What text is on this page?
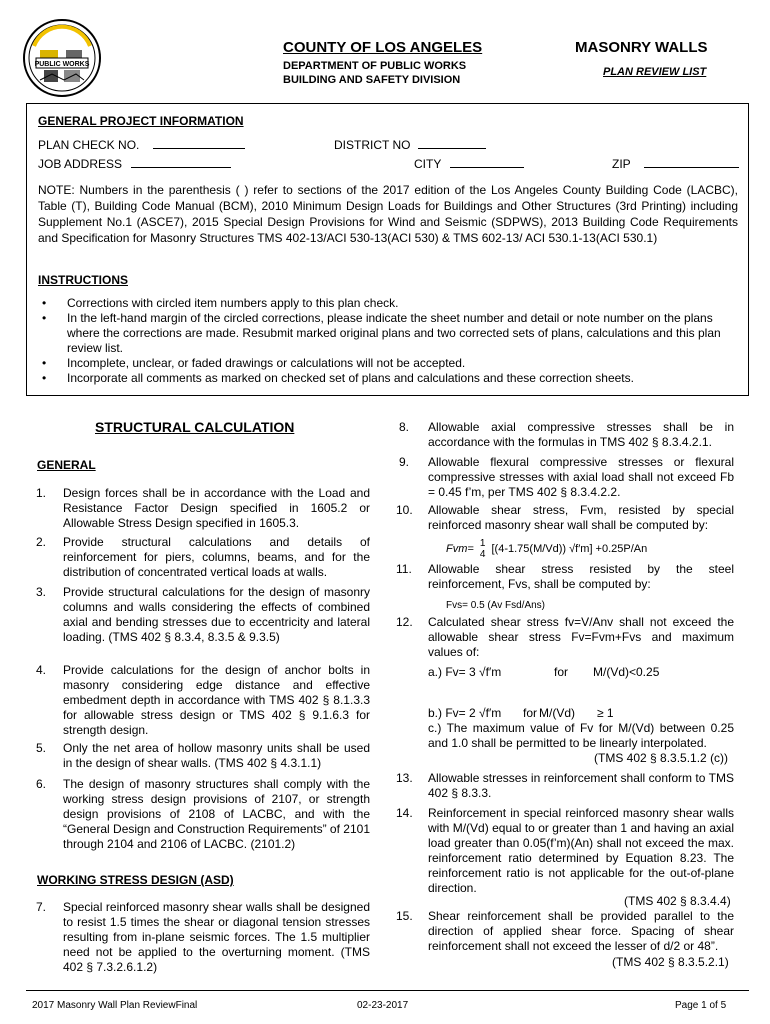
PUBLIC WORKS
COUNTY OF LOS ANGELES
DEPARTMENT OF PUBLIC WORKS
BUILDING AND SAFETY DIVISION
MASONRY WALLS
PLAN REVIEW LIST
GENERAL PROJECT INFORMATION
PLAN CHECK NO.	DISTRICT NO
JOB ADDRESS	CITY	ZIP
NOTE: Numbers in the parenthesis ( ) refer to sections of the 2017 edition of the Los Angeles County Building Code (LACBC), Table (T), Building Code Manual (BCM), 2010 Minimum Design Loads for Buildings and Other Structures (3rd Printing) including Supplement No.1 (ASCE7), 2015 Special Design Provisions for Wind and Seismic (SDPWS), 2013 Building Code Requirements and Specification for Masonry Structures TMS 402-13/ACI 530-13(ACI 530) & TMS 602-13/ ACI 530.1-13(ACI 530.1)
INSTRUCTIONS
• Corrections with circled item numbers apply to this plan check.
• In the left-hand margin of the circled corrections, please indicate the sheet number and detail or note number on the plans where the corrections are made. Resubmit marked original plans and two corrected sets of plans, calculations and this plan review list.
• Incomplete, unclear, or faded drawings or calculations will not be accepted.
• Incorporate all comments as marked on checked set of plans and calculations and these correction sheets.
STRUCTURAL CALCULATION
GENERAL
1. Design forces shall be in accordance with the Load and Resistance Factor Design specified in 1605.2 or Allowable Stress Design specified in 1605.3.
2. Provide structural calculations and details of reinforcement for piers, columns, beams, and for the distribution of concentrated vertical loads at walls.
3. Provide structural calculations for the design of masonry columns and walls considering the effects of combined axial and bending stresses due to eccentricity and lateral loading. (TMS 402 § 8.3.4, 8.3.5 & 9.3.5)
4. Provide calculations for the design of anchor bolts in masonry considering edge distance and effective embedment depth in accordance with TMS 402 § 8.1.3.3 for allowable stress design or TMS 402 § 9.1.6.3 for strength design.
5. Only the net area of hollow masonry units shall be used in the design of shear walls. (TMS 402 § 4.3.1.1)
6. The design of masonry structures shall comply with the working stress design provisions of 2107, or strength design provisions of 2108 of LACBC, and with the “General Design and Construction Requirements” of 2101 through 2104 and 2106 of LACBC. (2101.2)
WORKING STRESS DESIGN (ASD)
7. Special reinforced masonry shear walls shall be designed to resist 1.5 times the shear or diagonal tension stresses resulting from in-plane seismic forces. The 1.5 multiplier need not be applied to the overturning moment. (TMS 402 § 7.3.2.6.1.2)
8. Allowable axial compressive stresses shall be in accordance with the formulas in TMS 402 § 8.3.4.2.1.
9. Allowable flexural compressive stresses or flexural compressive stresses with axial load shall not exceed Fb = 0.45 f’m, per TMS 402 § 8.3.4.2.2.
10. Allowable shear stress, Fvm, resisted by special reinforced masonry shear wall shall be computed by:
Fvm= 1
4 [(4-1.75(M/Vd)) √f′m] +0.25P/An
11. Allowable shear stress resisted by the steel reinforcement, Fvs, shall be computed by:
Fvs= 0.5 (Av Fsd/Ans)
12. Calculated shear stress fv=V/Anv shall not exceed the allowable shear stress Fv=Fvm+Fvs and maximum values of:
a.) Fv= 3 √f′m	for M/(Vd)<0.25
b.) Fv= 2 √f′m for M/(Vd) ≥ 1
c.) The maximum value of Fv for M/(Vd) between 0.25 and 1.0 shall be permitted to be linearly interpolated.
(TMS 402 § 8.3.5.1.2 (c))
13. Allowable stresses in reinforcement shall conform to TMS 402 § 8.3.3.
14. Reinforcement in special reinforced masonry shear walls with M/(Vd) equal to or greater than 1 and having an axial load greater than 0.05(f’m)(An) shall not exceed the max. reinforcement ratio determined by Equation 8.23. The reinforcement ratio is not applicable for the out-of-plane direction.
(TMS 402 § 8.3.4.4)
15. Shear reinforcement shall be provided parallel to the direction of applied shear force. Spacing of shear reinforcement shall not exceed the lesser of d/2 or 48”.
(TMS 402 § 8.3.5.2.1)
2017 Masonry Wall Plan ReviewFinal	02-23-2017	Page 1 of 5
